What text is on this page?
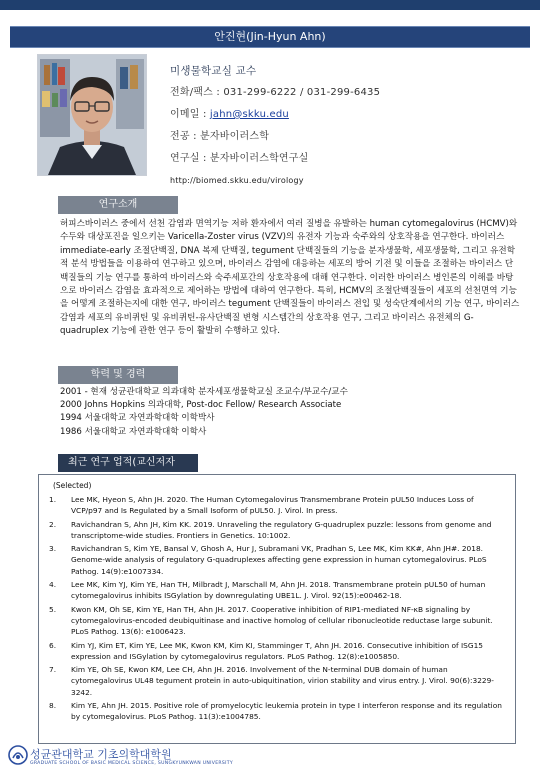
안진현(Jin-Hyun Ahn)
미생물학교실 교수
전화/팩스 : 031-299-6222 / 031-299-6435
이메일 : jahn@skku.edu
전공 : 분자바이러스학
연구실 : 분자바이러스학연구실
http://biomed.skku.edu/virology
연구소개
허피스바이러스 중에서 선천 감염과 면역기능 저하 환자에서 여러 질병을 유발하는 human cytomegalovirus (HCMV)와 수두와 대상포진을 일으키는 Varicella-Zoster virus (VZV)의 유전자 기능과 숙주와의 상호작용을 연구한다. 바이러스 immediate-early 조절단백질, DNA 복제 단백질, tegument 단백질들의 기능을 분자생물학, 세포생물학, 그리고 유전학적 분석 방법들을 이용하여 연구하고 있으며, 바이러스 감염에 대응하는 세포의 방어 기전 및 이들을 조절하는 바이러스 단백질들의 기능 연구를 통하여 바이러스와 숙주세포간의 상호작용에 대해 연구한다. 이러한 바이러스 병인론의 이해를 바탕으로 바이러스 감염을 효과적으로 제어하는 방법에 대하여 연구한다. 특히, HCMV의 조절단백질들이 세포의 선천면역 기능을 어떻게 조절하는지에 대한 연구, 바이러스 tegument 단백질들이 바이러스 전입 및 성숙단계에서의 기능 연구, 바이러스 감염과 세포의 유비퀴틴 및 유비퀴틴-유사단백질 변형 시스템간의 상호작용 연구, 그리고 바이러스 유전체의 G-quadruplex 기능에 관한 연구 등이 활발히 수행하고 있다.
학력 및 경력
2001 - 현재 성균관대학교 의과대학 분자세포생물학교실 조교수/부교수/교수
2000 Johns Hopkins 의과대학, Post-doc Fellow/ Research Associate
1994 서울대학교 자연과학대학 이학박사
1986 서울대학교 자연과학대학 이학사
최근 연구 업적(교신저자
(Selected)
1.	Lee MK, Hyeon S, Ahn JH. 2020. The Human Cytomegalovirus Transmembrane Protein pUL50 Induces Loss of VCP/p97 and Is Regulated by a Small Isoform of pUL50. J. Virol. In press.
2.	Ravichandran S, Ahn JH, Kim KK. 2019. Unraveling the regulatory G-quadruplex puzzle: lessons from genome and transcriptome-wide studies. Frontiers in Genetics. 10:1002.
3.	Ravichandran S, Kim YE, Bansal V, Ghosh A, Hur J, Subramani VK, Pradhan S, Lee MK, Kim KK#, Ahn JH#. 2018. Genome-wide analysis of regulatory G-quadruplexes affecting gene expression in human cytomegalovirus. PLoS Pathog. 14(9):e1007334.
4.	Lee MK, Kim YJ, Kim YE, Han TH, Milbradt J, Marschall M, Ahn JH. 2018. Transmembrane protein pUL50 of human cytomegalovirus inhibits ISGylation by downregulating UBE1L. J. Virol. 92(15):e00462-18.
5.	Kwon KM, Oh SE, Kim YE, Han TH, Ahn JH. 2017. Cooperative inhibition of RIP1-mediated NF-κB signaling by cytomegalovirus-encoded deubiquitinase and inactive homolog of cellular ribonucleotide reductase large subunit. PLoS Pathog. 13(6): e1006423.
6.	Kim YJ, Kim ET, Kim YE, Lee MK, Kwon KM, Kim KI, Stamminger T, Ahn JH. 2016. Consecutive inhibition of ISG15 expression and ISGylation by cytomegalovirus regulators. PLoS Pathog. 12(8):e1005850.
7.	Kim YE, Oh SE, Kwon KM, Lee CH, Ahn JH. 2016. Involvement of the N-terminal DUB domain of human cytomegalovirus UL48 tegument protein in auto-ubiquitination, virion stability and virus entry. J. Virol. 90(6):3229-3242.
8.	Kim YE, Ahn JH. 2015. Positive role of promyelocytic leukemia protein in type I interferon response and its regulation by cytomegalovirus. PLoS Pathog. 11(3):e1004785.
성균관대학교 기초의학대학원
GRADUATE SCHOOL OF BASIC MEDICAL SCIENCE, SUNGKYUNKWAN UNIVERSITY
